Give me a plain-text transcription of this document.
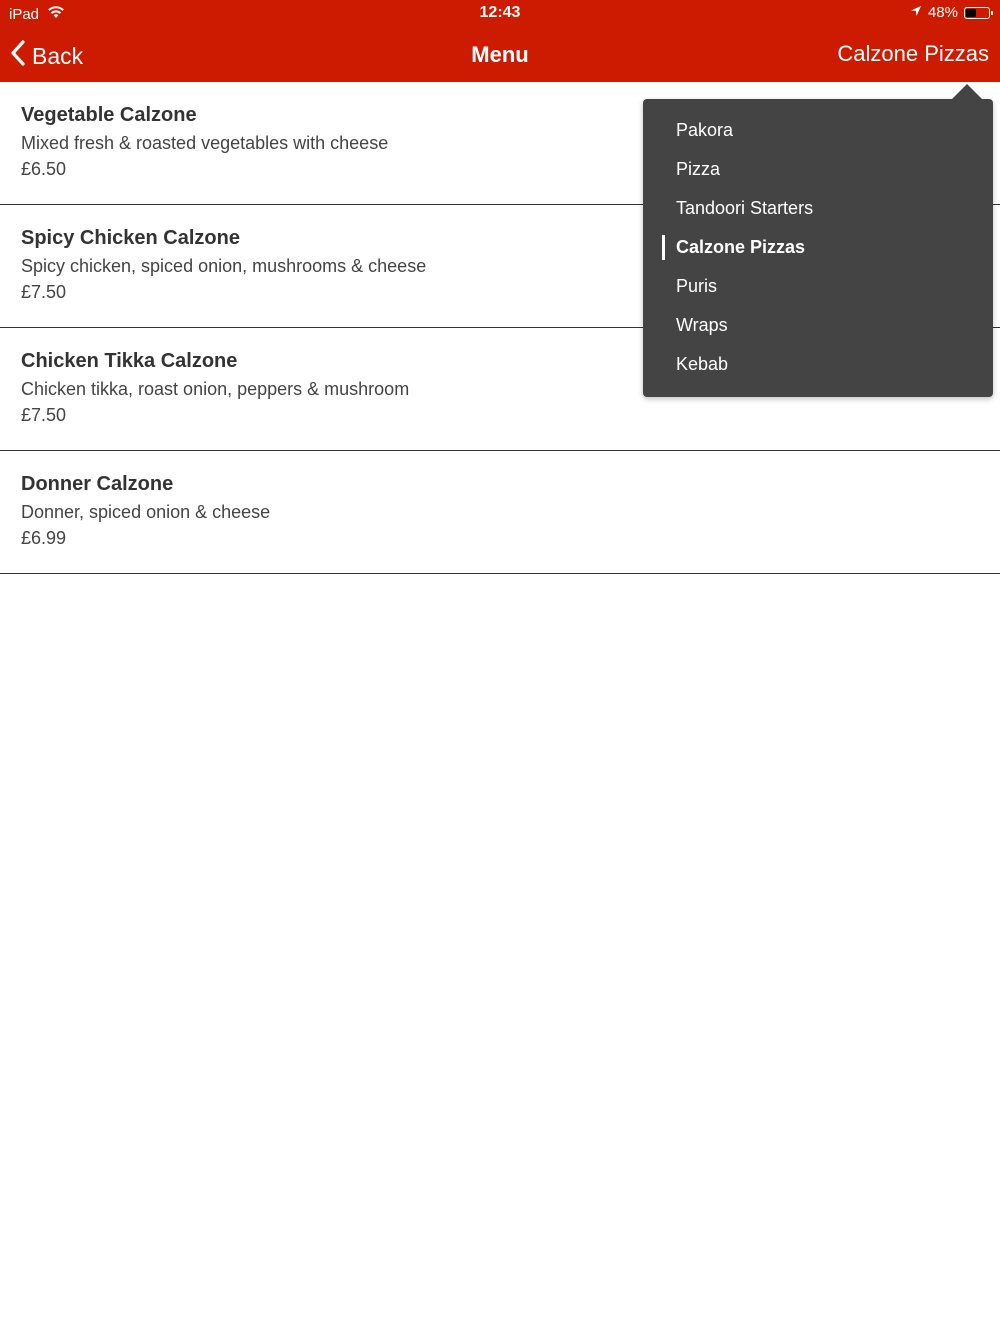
iPad	12:43	48%
Back	Menu	Calzone Pizzas
Vegetable Calzone
Mixed fresh & roasted vegetables with cheese
£6.50
Spicy Chicken Calzone
Spicy chicken, spiced onion, mushrooms & cheese
£7.50
Chicken Tikka Calzone
Chicken tikka, roast onion, peppers & mushroom
£7.50
Donner Calzone
Donner, spiced onion & cheese
£6.99
Pakora
Pizza
Tandoori Starters
Calzone Pizzas
Puris
Wraps
Kebab
